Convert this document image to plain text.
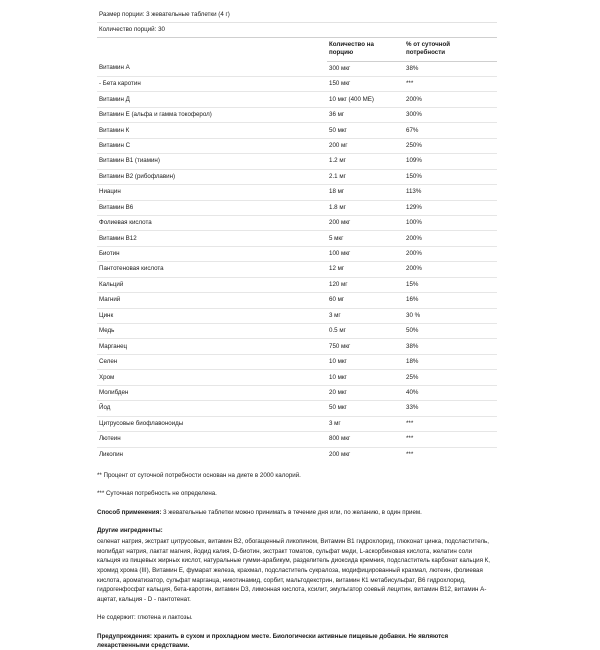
Размер порции: 3 жевательные таблетки (4 г)
Количество порций: 30
	Количество на
порцию	% от суточной
потребности
Витамин А	300 мкг	38%
- Бета каротин	150 мкг	***
Витамин Д	10 мкг (400 МЕ)	200%
Витамин Е (альфа и гамма токоферол)	36 мг	300%
Витамин К	50 мкг	67%
Витамин С	200 мг	250%
Витамин В1 (тиамин)	1.2 мг	109%
Витамин В2 (рибофлавин)	2.1 мг	150%
Ниацин	18 мг	113%
Витамин В6	1.8 мг	129%
Фолиевая кислота	200 мкг	100%
Витамин В12	5 мкг	200%
Биотин	100 мкг	200%
Пантотеновая кислота	12 мг	200%
Кальций	120 мг	15%
Магний	60 мг	16%
Цинк	3 мг	30 %
Медь	0.5 мг	50%
Марганец	750 мкг	38%
Селен	10 мкг	18%
Хром	10 мкг	25%
Молибден	20 мкг	40%
Йод	50 мкг	33%
Цитрусовые биофлавоноиды	3 мг	***
Лютеин	800 мкг	***
Ликопин	200 мкг	***
** Процент от суточной потребности основан на диете в 2000 калорий.
*** Суточная потребность не определена.
Способ применения: 3 жевательные таблетки можно принимать в течение дня или, по желанию, в один прием.
Другие ингредиенты:
селенат натрия, экстракт цитрусовых, витамин В2, обогащенный ликопином, Витамин В1 гидрохлорид, глюконат цинка, подсластитель, молибдат натрия, лактат магния, йодид калия, D-биотин, экстракт томатов, сульфат меди, L-аскорбиновая кислота, желатин соли кальция из пищевых жирных кислот, натуральные гумми-арабикум, разделитель диоксида кремния, подсластитель карбонат кальция К, хромид хрома (III), Витамин Е, фумарат железа, крахмал, подсластитель сукралоза, модифицированный крахмал, лютеин, фолиевая кислота, ароматизатор, сульфат марганца, никотинамид, сорбит, мальтодекстрин, витамин К1 метабисульфат, В6 гидрохлорид, гидрогенфосфат кальция, бета-каротин, витамин D3, лимонная кислота, ксилит, эмульгатор соевый лецитин, витамин В12, витамин А-ацетат, кальция - D - пантотенат.
Не содержит: глютена и лактозы.
Предупреждения: хранить в сухом и прохладном месте. Биологически активные пищевые добавки. Не являются лекарственными средствами.
